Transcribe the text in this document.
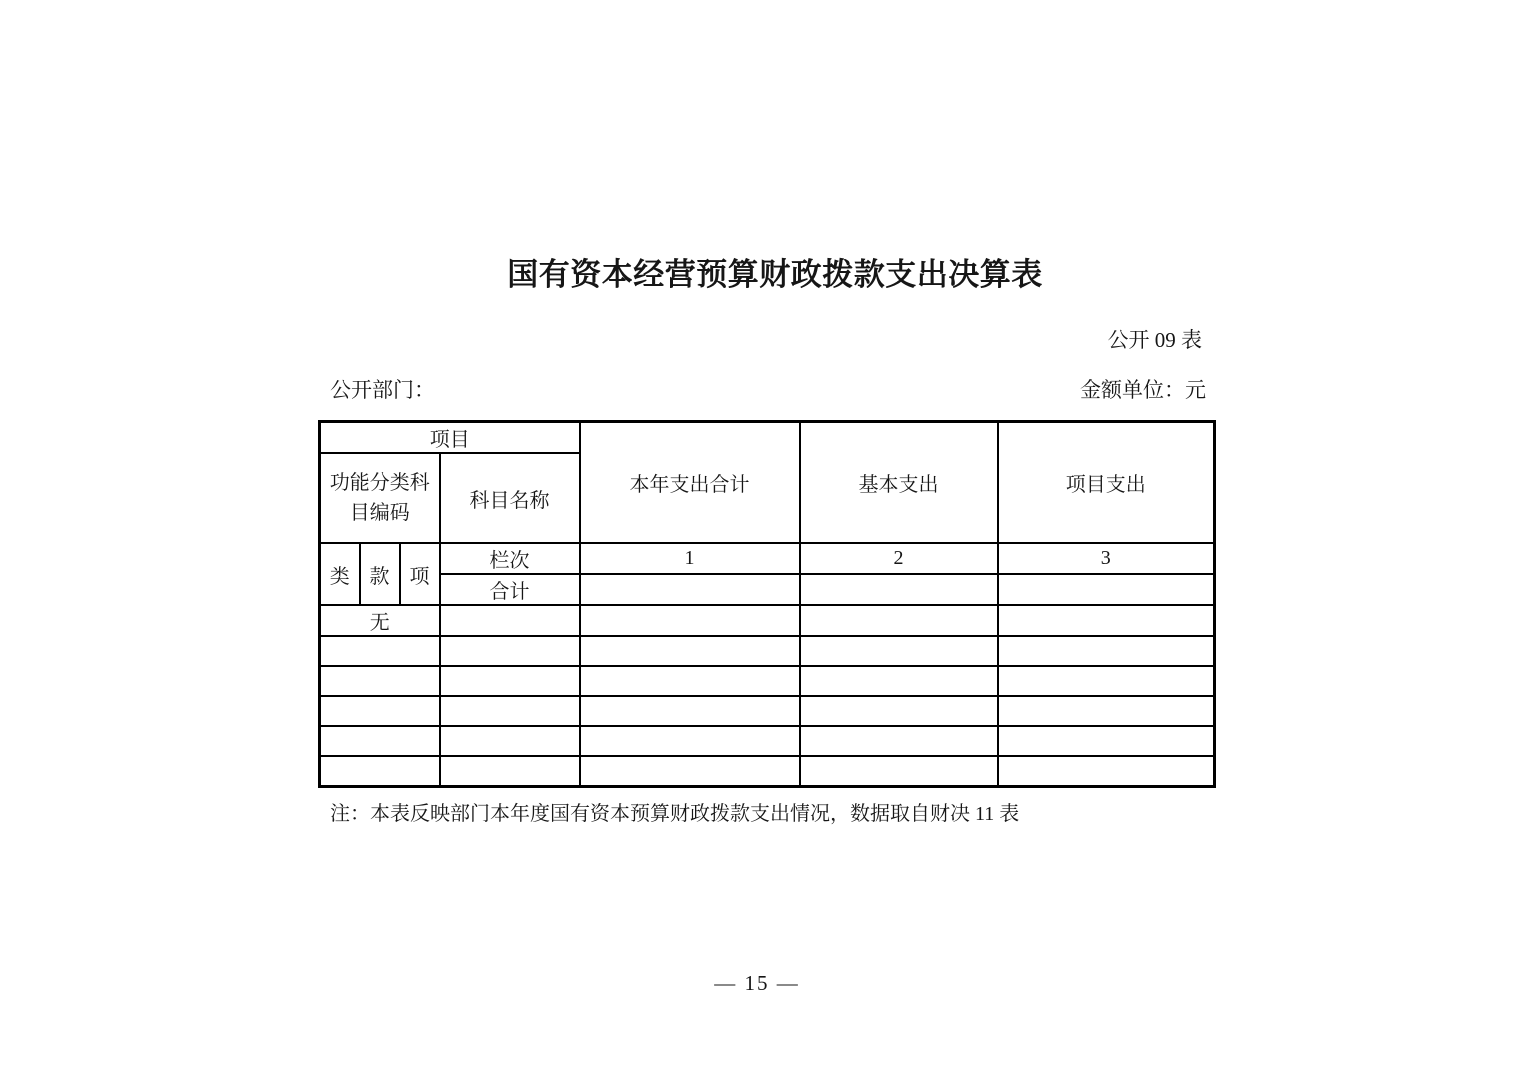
国有资本经营预算财政拨款支出决算表
公开 09 表
公开部门：	金额单位：元
项目				本年支出合计	基本支出	项目支出
功能分类科目编码			科目名称			
类	款	项	栏次	1	2	3
			合计			
无						

注：本表反映部门本年度国有资本预算财政拨款支出情况，数据取自财决 11 表
— 15 —
